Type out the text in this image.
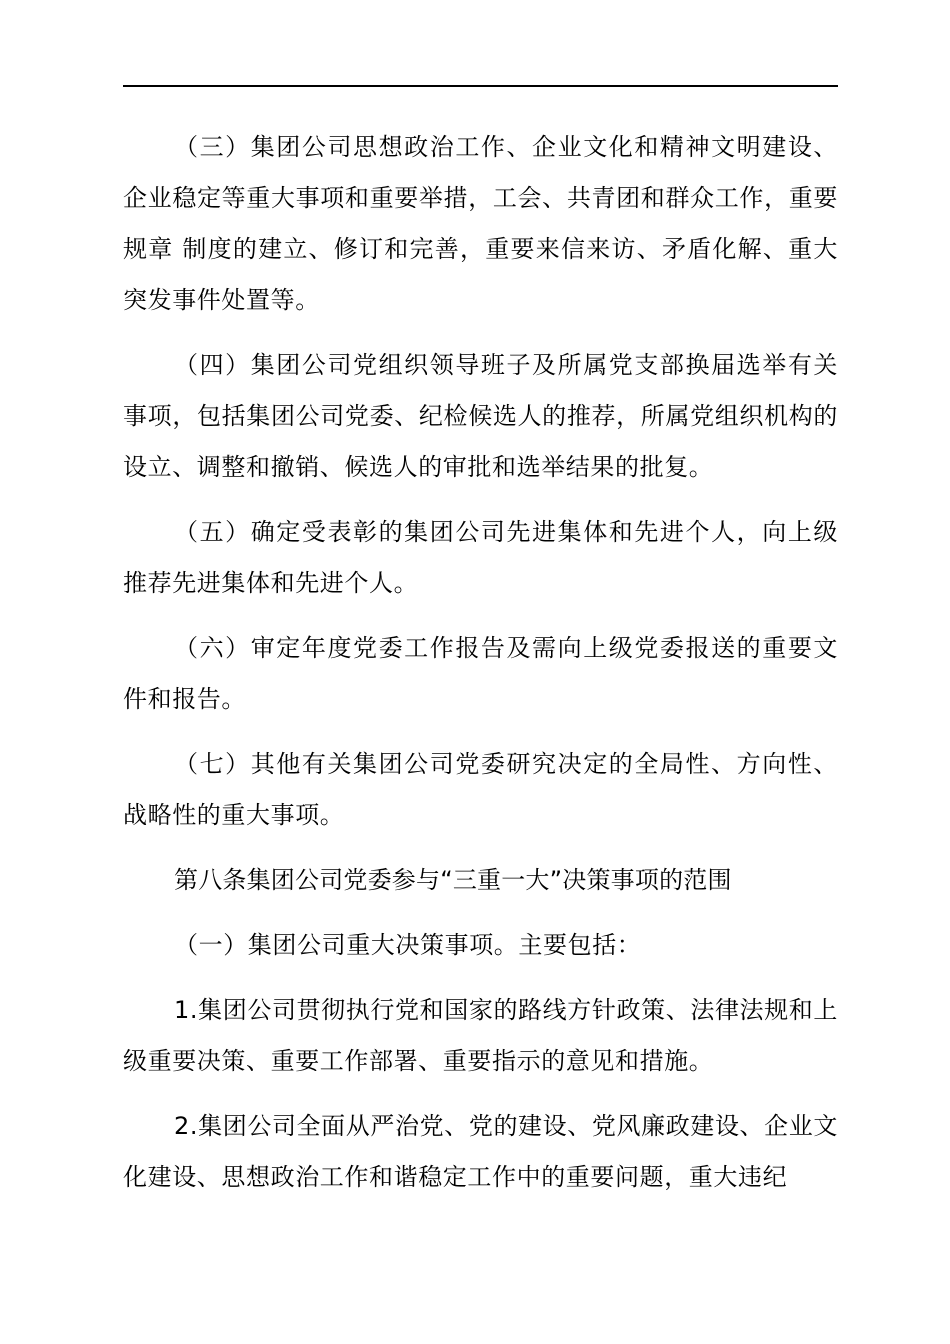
（三）集团公司思想政治工作、企业文化和精神文明建设、企业稳定等重大事项和重要举措，工会、共青团和群众工作，重要规章 制度的建立、修订和完善，重要来信来访、矛盾化解、重大突发事件处置等。

（四）集团公司党组织领导班子及所属党支部换届选举有关事项，包括集团公司党委、纪检候选人的推荐，所属党组织机构的设立、调整和撤销、候选人的审批和选举结果的批复。

（五）确定受表彰的集团公司先进集体和先进个人，向上级推荐先进集体和先进个人。

（六）审定年度党委工作报告及需向上级党委报送的重要文件和报告。

（七）其他有关集团公司党委研究决定的全局性、方向性、战略性的重大事项。

第八条集团公司党委参与“三重一大”决策事项的范围

（一）集团公司重大决策事项。主要包括：

1.集团公司贯彻执行党和国家的路线方针政策、法律法规和上级重要决策、重要工作部署、重要指示的意见和措施。

2.集团公司全面从严治党、党的建设、党风廉政建设、企业文化建设、思想政治工作和谐稳定工作中的重要问题，重大违纪
